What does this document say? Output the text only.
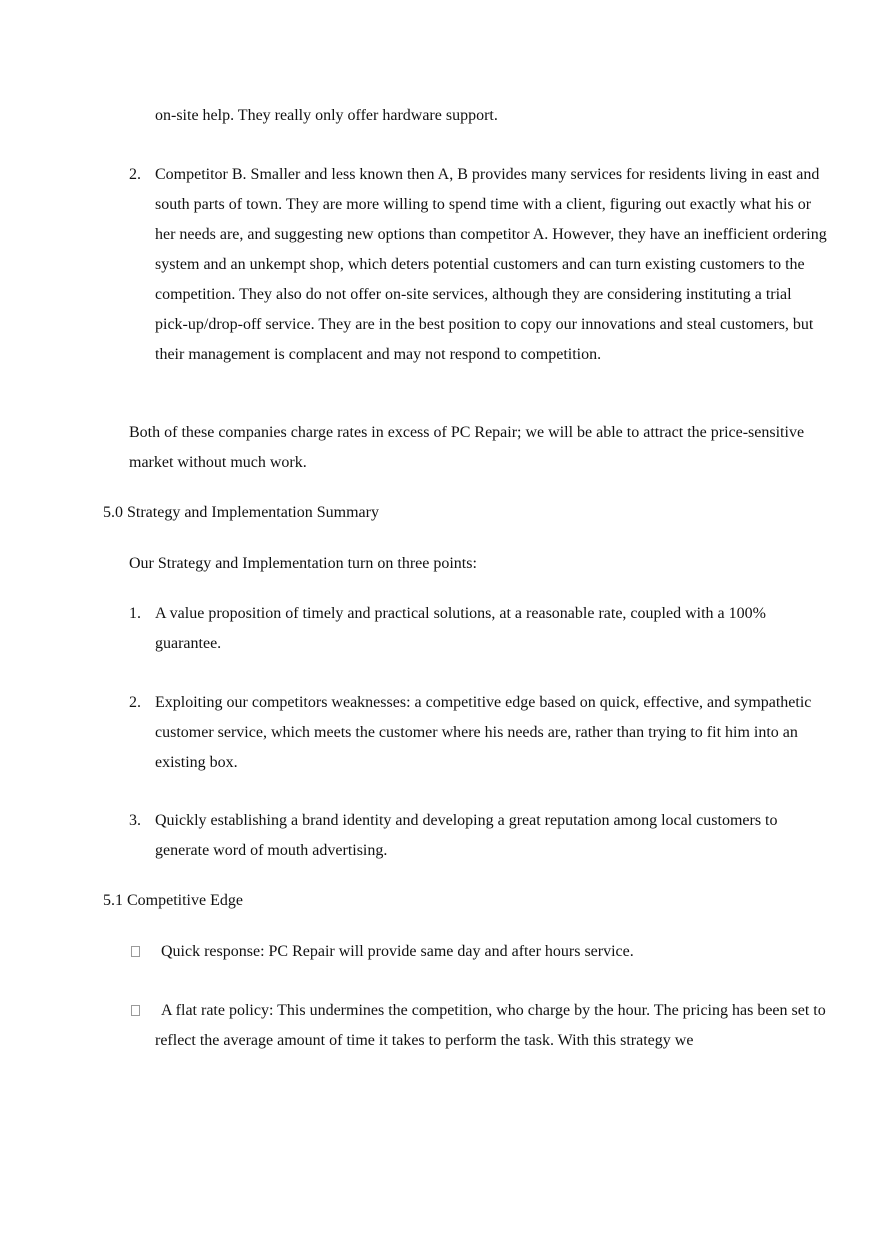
on-site help. They really only offer hardware support.
2. Competitor B. Smaller and less known then A, B provides many services for residents living in east and south parts of town. They are more willing to spend time with a client, figuring out exactly what his or her needs are, and suggesting new options than competitor A. However, they have an inefficient ordering system and an unkempt shop, which deters potential customers and can turn existing customers to the competition. They also do not offer on-site services, although they are considering instituting a trial pick-up/drop-off service. They are in the best position to copy our innovations and steal customers, but their management is complacent and may not respond to competition.
Both of these companies charge rates in excess of PC Repair; we will be able to attract the price-sensitive market without much work.
5.0 Strategy and Implementation Summary
Our Strategy and Implementation turn on three points:
1. A value proposition of timely and practical solutions, at a reasonable rate, coupled with a 100% guarantee.
2. Exploiting our competitors weaknesses: a competitive edge based on quick, effective, and sympathetic customer service, which meets the customer where his needs are, rather than trying to fit him into an existing box.
3. Quickly establishing a brand identity and developing a great reputation among local customers to generate word of mouth advertising.
5.1 Competitive Edge
Quick response: PC Repair will provide same day and after hours service.
A flat rate policy: This undermines the competition, who charge by the hour. The pricing has been set to reflect the average amount of time it takes to perform the task. With this strategy we
